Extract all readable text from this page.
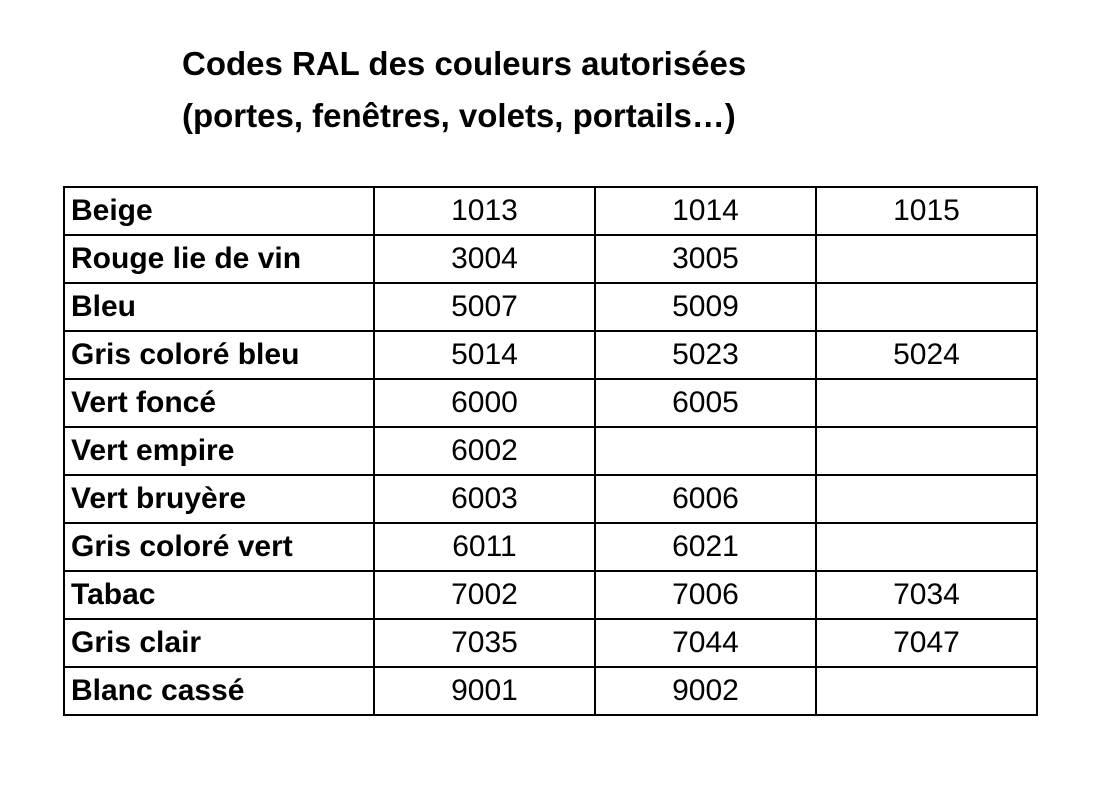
Codes RAL des couleurs autorisées
(portes, fenêtres, volets, portails…)
Beige	1013	1014	1015
Rouge lie de vin	3004	3005	
Bleu	5007	5009	
Gris coloré bleu	5014	5023	5024
Vert foncé	6000	6005	
Vert empire	6002		
Vert bruyère	6003	6006	
Gris coloré vert	6011	6021	
Tabac	7002	7006	7034
Gris clair	7035	7044	7047
Blanc cassé	9001	9002	
